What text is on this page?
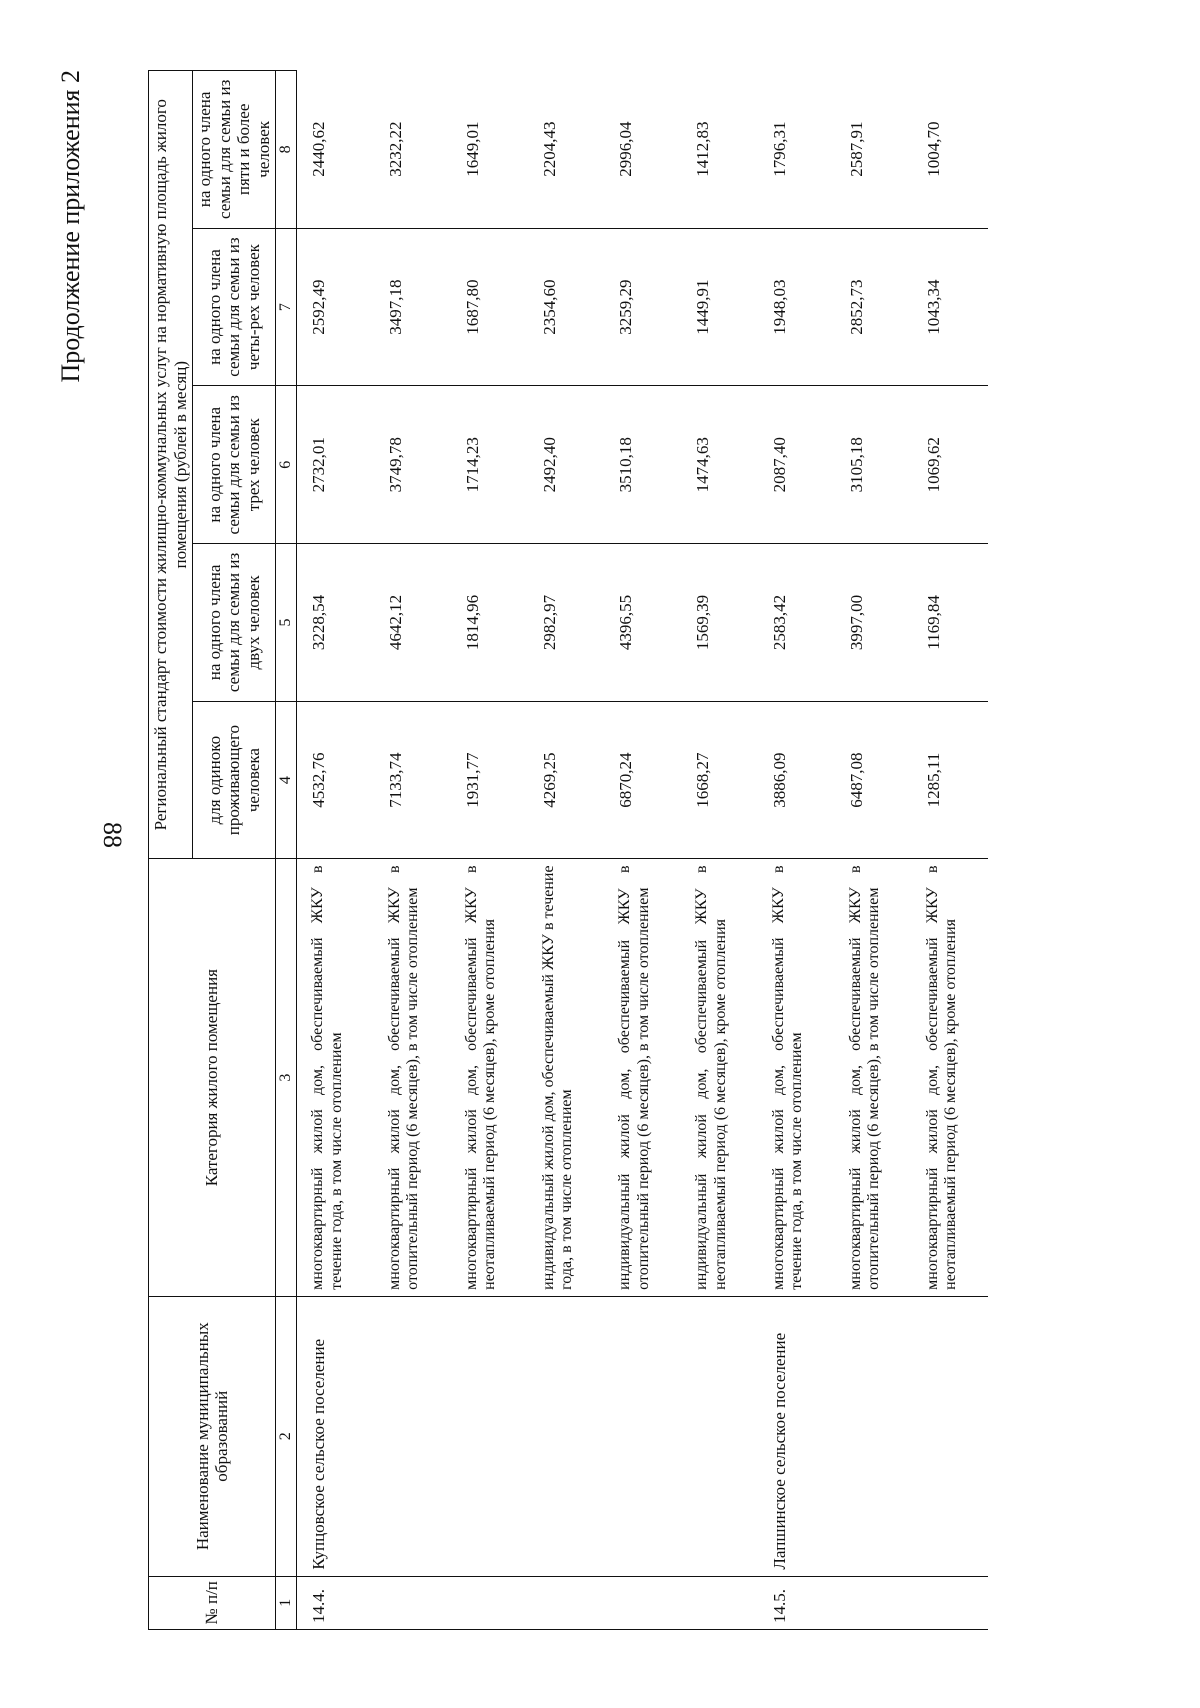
88
Продолжение приложения 2
№ п/п	Наименование муниципальных образований	Категория жилого помещения	Региональный стандарт стоимости жилищно-коммунальных услуг на нормативную площадь жилого помещения (рублей в месяц)				
			для одиноко проживающего человека	на одного члена семьи для семьи из двух человек	на одного члена семьи для семьи из трех человек	на одного члена семьи для семьи из четы-рех человек	на одного члена семьи для семьи из пяти и более человек
1	2	3	4	5	6	7	8
14.4.	Купцовское сельское поселение	многоквартирный жилой дом, обеспечиваемый ЖКУ в течение года, в том числе отоплением	4532,76	3228,54	2732,01	2592,49	2440,62
		многоквартирный жилой дом, обеспечиваемый ЖКУ в отопительный период (6 месяцев), в том числе отоплением	7133,74	4642,12	3749,78	3497,18	3232,22
		многоквартирный жилой дом, обеспечиваемый ЖКУ в неотапливаемый период (6 месяцев), кроме отопления	1931,77	1814,96	1714,23	1687,80	1649,01
		индивидуальный жилой дом, обеспечиваемый ЖКУ в течение года, в том числе отоплением	4269,25	2982,97	2492,40	2354,60	2204,43
		индивидуальный жилой дом, обеспечиваемый ЖКУ в отопительный период (6 месяцев), в том числе отоплением	6870,24	4396,55	3510,18	3259,29	2996,04
		индивидуальный жилой дом, обеспечиваемый ЖКУ в неотапливаемый период (6 месяцев), кроме отопления	1668,27	1569,39	1474,63	1449,91	1412,83
14.5.	Лапшинское сельское поселение	многоквартирный жилой дом, обеспечиваемый ЖКУ в течение года, в том числе отоплением	3886,09	2583,42	2087,40	1948,03	1796,31
		многоквартирный жилой дом, обеспечиваемый ЖКУ в отопительный период (6 месяцев), в том числе отоплением	6487,08	3997,00	3105,18	2852,73	2587,91
		многоквартирный жилой дом, обеспечиваемый ЖКУ в неотапливаемый период (6 месяцев), кроме отопления	1285,11	1169,84	1069,62	1043,34	1004,70
